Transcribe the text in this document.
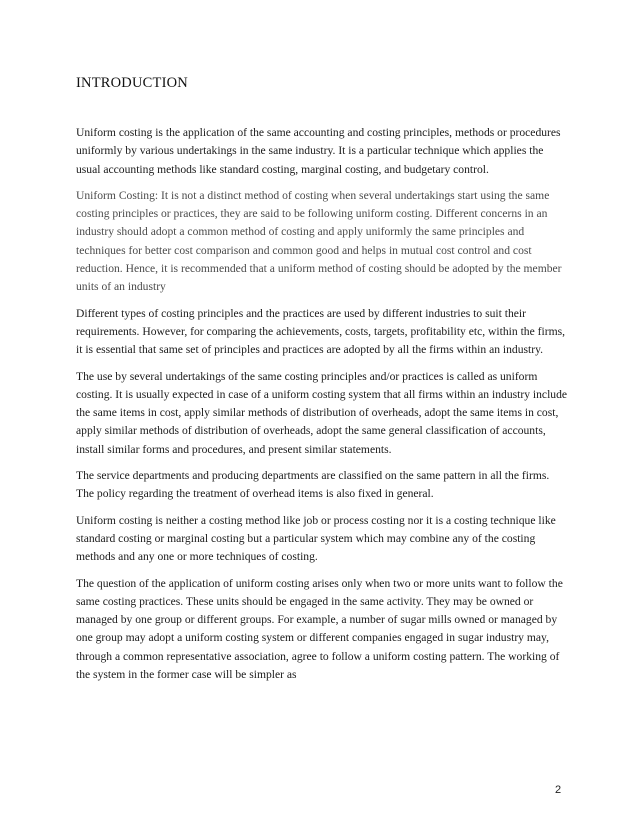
INTRODUCTION

Uniform costing is the application of the same accounting and costing principles, methods or procedures uniformly by various undertakings in the same industry. It is a particular technique which applies the usual accounting methods like standard costing, marginal costing, and budgetary control.

Uniform Costing: It is not a distinct method of costing when several undertakings start using the same costing principles or practices, they are said to be following uniform costing. Different concerns in an industry should adopt a common method of costing and apply uniformly the same principles and techniques for better cost comparison and common good and helps in mutual cost control and cost reduction. Hence, it is recommended that a uniform method of costing should be adopted by the member units of an industry

Different types of costing principles and the practices are used by different industries to suit their requirements. However, for comparing the achievements, costs, targets, profitability etc, within the firms, it is essential that same set of principles and practices are adopted by all the firms within an industry.

The use by several undertakings of the same costing principles and/or practices is called as uniform costing. It is usually expected in case of a uniform costing system that all firms within an industry include the same items in cost, apply similar methods of distribution of overheads, adopt the same items in cost, apply similar methods of distribution of overheads, adopt the same general classification of accounts, install similar forms and procedures, and present similar statements.

The service departments and producing departments are classified on the same pattern in all the firms. The policy regarding the treatment of overhead items is also fixed in general.

Uniform costing is neither a costing method like job or process costing nor it is a costing technique like standard costing or marginal costing but a particular system which may combine any of the costing methods and any one or more techniques of costing.

The question of the application of uniform costing arises only when two or more units want to follow the same costing practices. These units should be engaged in the same activity. They may be owned or managed by one group or different groups. For example, a number of sugar mills owned or managed by one group may adopt a uniform costing system or different companies engaged in sugar industry may, through a common representative association, agree to follow a uniform costing pattern. The working of the system in the former case will be simpler as

2
